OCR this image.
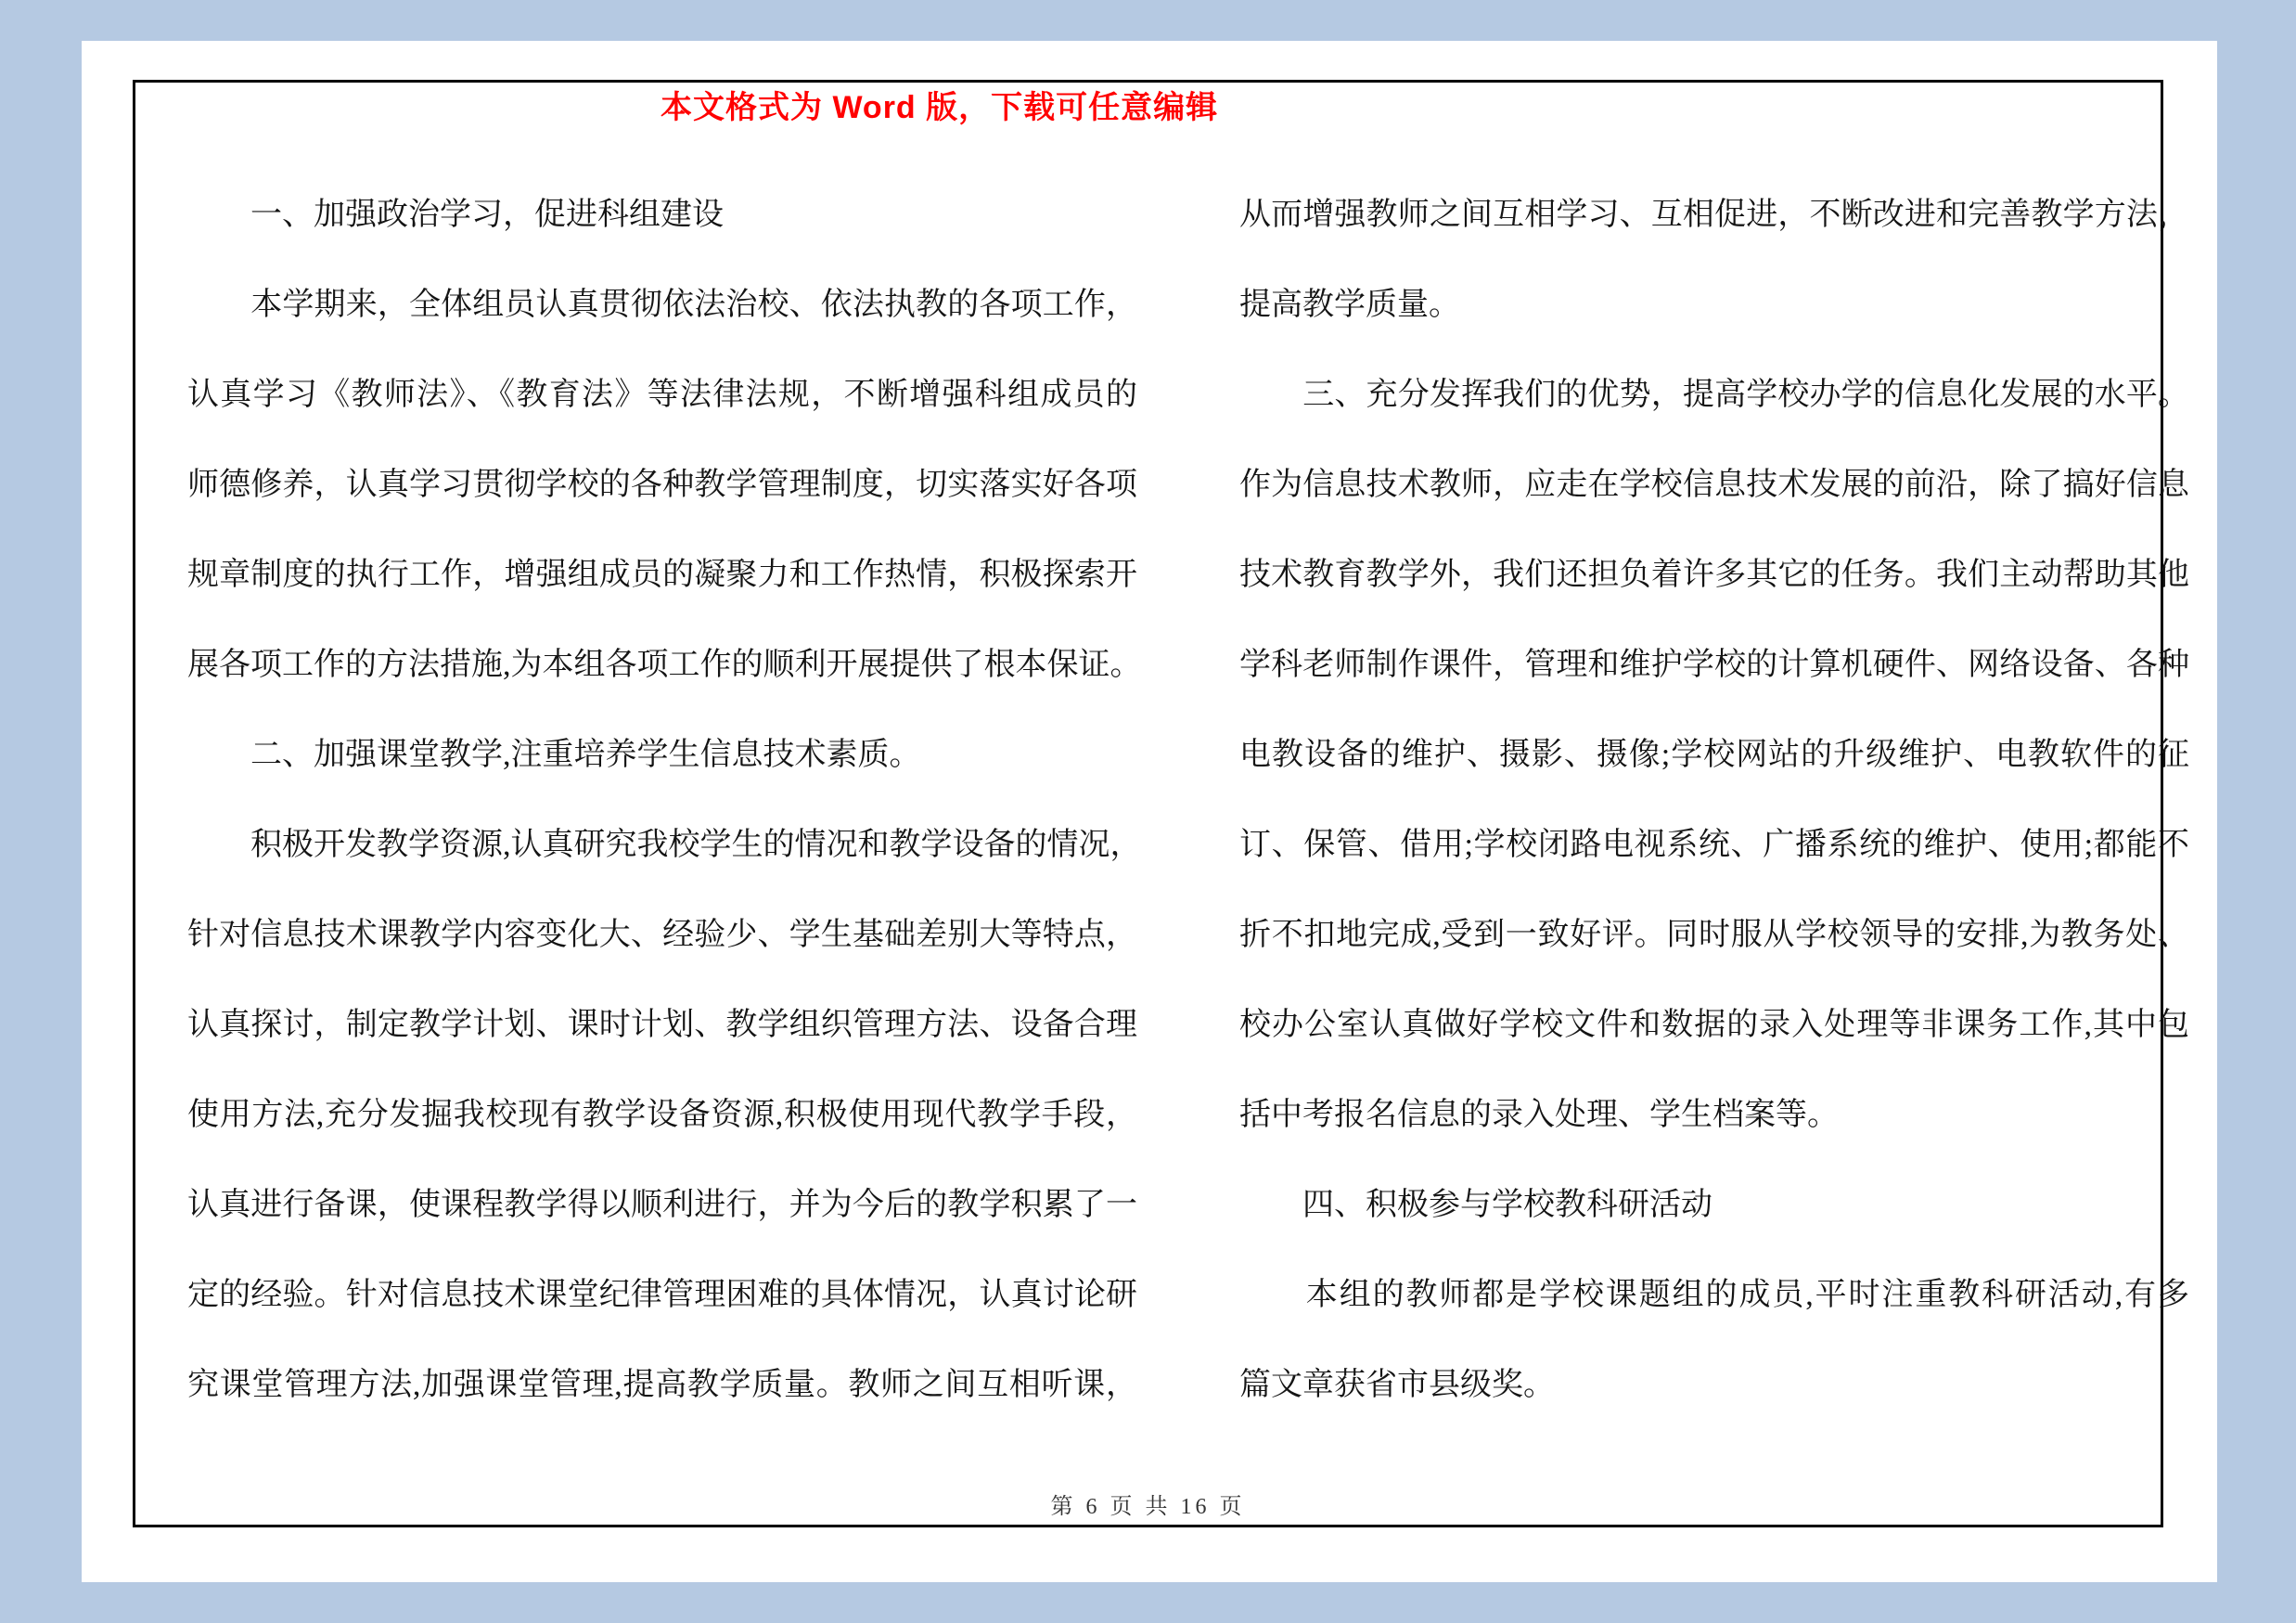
本文格式为 Word 版，下载可任意编辑
　　一、加强政治学习，促进科组建设
　　本学期来，全体组员认真贯彻依法治校、依法执教的各项工作，
认真学习《教师法》、《教育法》等法律法规，不断增强科组成员的
师德修养，认真学习贯彻学校的各种教学管理制度，切实落实好各项
规章制度的执行工作，增强组成员的凝聚力和工作热情，积极探索开
展各项工作的方法措施,为本组各项工作的顺利开展提供了根本保证。
　　二、加强课堂教学,注重培养学生信息技术素质。
　　积极开发教学资源,认真研究我校学生的情况和教学设备的情况，
针对信息技术课教学内容变化大、经验少、学生基础差别大等特点，
认真探讨，制定教学计划、课时计划、教学组织管理方法、设备合理
使用方法,充分发掘我校现有教学设备资源,积极使用现代教学手段，
认真进行备课，使课程教学得以顺利进行，并为今后的教学积累了一
定的经验。针对信息技术课堂纪律管理困难的具体情况，认真讨论研
究课堂管理方法,加强课堂管理,提高教学质量。教师之间互相听课，
从而增强教师之间互相学习、互相促进，不断改进和完善教学方法，
提高教学质量。
　　三、充分发挥我们的优势，提高学校办学的信息化发展的水平。
作为信息技术教师，应走在学校信息技术发展的前沿，除了搞好信息
技术教育教学外，我们还担负着许多其它的任务。我们主动帮助其他
学科老师制作课件，管理和维护学校的计算机硬件、网络设备、各种
电教设备的维护、摄影、摄像;学校网站的升级维护、电教软件的征
订、保管、借用;学校闭路电视系统、广播系统的维护、使用;都能不
折不扣地完成,受到一致好评。同时服从学校领导的安排,为教务处、
校办公室认真做好学校文件和数据的录入处理等非课务工作,其中包
括中考报名信息的录入处理、学生档案等。
　　四、积极参与学校教科研活动
　　本组的教师都是学校课题组的成员,平时注重教科研活动,有多
篇文章获省市县级奖。
第 6 页 共 16 页
